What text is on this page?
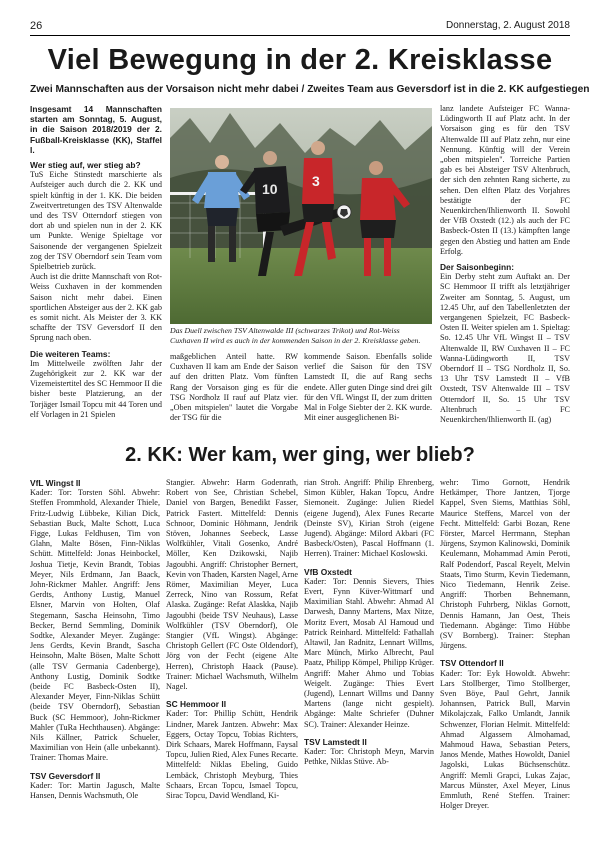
26	Donnerstag, 2. August 2018
Viel Bewegung in der 2. Kreisklasse
Zwei Mannschaften aus der Vorsaison nicht mehr dabei / Zweites Team aus Geversdorf ist in die 2. KK aufgestiegen

Insgesamt 14 Mannschaften starten am Sonntag, 5. August, in die Saison 2018/2019 der 2. Fußball-Kreisklasse (KK), Staffel I.

Wer stieg auf, wer stieg ab?

TuS Eiche Stinstedt marschierte als Aufsteiger auch durch die 2. KK und spielt künftig in der 1. KK. Die beiden Zweitvertretungen des TSV Altenwalde und des TSV Otterndorf stiegen von dort ab und spielen nun in der 2. KK um Punkte. Wenige Spieltage vor Saisonende der vergangenen Spielzeit zog der TSV Oberndorf sein Team vom Spielbetrieb zurück.

Auch ist die dritte Mannschaft von Rot-Weiss Cuxhaven in der kommenden Saison nicht mehr dabei. Einen sportlichen Absteiger aus der 2. KK gab es somit nicht. Als Meister der 3. KK schaffte der TSV Geversdorf II den Sprung nach oben.

Die weiteren Teams:

Im Mittelweile zwölften Jahr der Zugehörigkeit zur 2. KK war der Vizemeistertitel des SC Hemmoor II die bisher beste Platzierung, an der Torjäger Ismail Topcu mit 44 Toren und elf Vorlagen in 21 Spielen

10 3
Das Duell zwischen TSV Altenwalde III (schwarzes Trikot) und Rot-Weiss Cuxhaven II wird es auch in der kommenden Saison in der 2. Kreisklasse geben.

maßgeblichen Anteil hatte. RW Cuxhaven II kam am Ende der Saison auf den dritten Platz. Vom fünften Rang der Vorsaison ging es für die TSG Nordholz II rauf auf Platz vier. „Oben mitspielen" lautet die Vorgabe der TSG für die

kommende Saison. Ebenfalls solide verlief die Saison für den TSV Lamstedt II, die auf Rang sechs endete. Aller guten Dinge sind drei gilt für den VfL Wingst II, der zum dritten Mal in Folge Siebter der 2. KK wurde. Mit einer ausgeglichenen Bi-

lanz landete Aufsteiger FC Wanna-Lüdingworth II auf Platz acht. In der Vorsaison ging es für den TSV Altenwalde III auf Platz zehn, nur eine Nennung. Künftig will der Verein „oben mitspielen". Torreiche Partien gab es bei Absteiger TSV Altenbruch, der sich den zehnten Rang sicherte, zu sehen. Den elften Platz des Vorjahres bestätigte der FC Neuenkirchen/Ihlienworth II. Sowohl der VfB Oxstedt (12.) als auch der FC Basbeck-Osten II (13.) kämpften lange gegen den Abstieg und hatten am Ende Erfolg.

Der Saisonbeginn:

Ein Derby steht zum Auftakt an. Der SC Hemmoor II trifft als letztjähriger Zweiter am Sonntag, 5. August, um 12.45 Uhr, auf den Tabellenletzten der vergangenen Spielzeit, FC Basbeck-Osten II. Weiter spielen am 1. Spieltag: So. 12.45 Uhr VfL Wingst II – TSV Altenwalde II, RW Cuxhaven II – FC Wanna-Lüdingworth II, TSV Oberndorf II – TSG Nordholz II, So. 13 Uhr TSV Lamstedt II – VfB Oxstedt, TSV Altenwalde III – TSV Otterndorf II, So. 15 Uhr TSV Altenbruch – FC Neuenkirchen/Ihlienworth II. (ag)

2. KK: Wer kam, wer ging, wer blieb?

VfL Wingst II

Kader: Tor: Torsten Söhl. Abwehr: Steffen Frommhold, Alexander Thiele, Fritz-Ludwig Lübbeke, Kilian Dick, Sebastian Buck, Malte Schott, Luca Figge, Lukas Feldhusen, Tim von Glahn, Malte Bösen, Finn-Niklas Schütt. Mittelfeld: Jonas Heinbockel, Joshua Tietje, Kevin Brandt, Tobias Meyer, Nils Erdmann, Jan Baack, John-Rickmer Mahler. Angriff: Jens Gerdts, Anthony Lustig, Manuel Elsner, Marvin von Holten, Olaf Stegemann, Sascha Heinsohn, Timo Becker, Bernd Semmling, Dominik Sodtke, Alexander Meyer. Zugänge: Jens Gerdts, Kevin Brandt, Sascha Heinsohn, Malte Bösen, Malte Schott (alle TSV Germania Cadenberge), Anthony Lustig, Dominik Sodtke (beide FC Basbeck-Osten II), Alexander Meyer, Finn-Niklas Schütt (beide TSV Oberndorf), Sebastian Buck (SC Hemmoor), John-Rickmer Mahler (TuRa Hechthausen). Abgänge: Nils Källner, Patrick Schueler, Maximilian von Hein (alle unbekannt). Trainer: Thomas Maire.

TSV Geversdorf II

Kader: Tor: Martin Jagusch, Malte Hansen, Dennis Wachsmuth, Ole

Stangier. Abwehr: Harm Godenrath, Robert von See, Christian Schebel, Daniel von Bargen, Benedikt Fasser, Patrick Fastert. Mittelfeld: Dennis Schnoor, Dominic Höhmann, Jendrik Stöven, Johannes Seebeck, Lasse Wolfkühler, Vitali Gosenko, André Möller, Ken Dzikowski, Najib Jagoubhi. Angriff: Christopher Bernert, Kevin von Thaden, Karsten Nagel, Arne Römer, Maximilian Meyer, Luca Zerreck, Nino van Rossum, Refat Alaska. Zugänge: Refat Alaskka, Najib Jagoubhi (beide TSV Neuhaus), Lasse Wolfkühler (TSV Oberndorf), Ole Stangier (VfL Wingst). Abgänge: Christoph Gellert (FC Oste Oldendorf), Jörg von der Fecht (eigene Alte Herren), Christoph Haack (Pause). Trainer: Michael Wachsmuth, Wilhelm Nagel.

SC Hemmoor II

Kader: Tor: Phillip Schütt, Hendrik Lindner, Marek Jantzen. Abwehr: Max Eggers, Octay Topcu, Tobias Richters, Dirk Schaars, Marek Hoffmann, Faysal Topcu, Julien Ried, Alex Funes Recarte. Mittelfeld: Niklas Ebeling, Guido Lembäck, Christoph Meyburg, Thies Schaars, Ercan Topcu, Ismael Topcu, Sirac Topcu, David Wendland, Ki-

rian Stroh. Angriff: Philip Ehrenberg, Simon Kübler, Hakan Topcu, Andre Siemoneit. Zugänge: Julien Riedel (eigene Jugend), Alex Funes Recarte (Deinste SV), Kirian Stroh (eigene Jugend). Abgänge: Milord Akbari (FC Basbeck/Osten), Pascal Hoffmann (1. Herren). Trainer: Michael Koslowski.

VfB Oxstedt

Kader: Tor: Dennis Sievers, Thies Evert, Fynn Küver-Wittmarf und Maximilian Stahl. Abwehr: Ahmad Al Darwesh, Danny Martens, Max Nitze, Moritz Evert, Mosab Al Hamoud und Patrick Reinhard. Mittelfeld: Fathallah Altawil, Jan Radnitz, Lennart Willms, Marc Münch, Mirko Albrecht, Paul Paatz, Philipp Kömpel, Philipp Krüger. Angriff: Maher Ahmo und Tobias Weigelt. Zugänge: Thies Evert (Jugend), Lennart Willms und Danny Martens (lange nicht gespielt). Abgänge: Malte Schriefer (Duhner SC). Trainer: Alexander Heinze.

TSV Lamstedt II

Kader: Tor: Christoph Meyn, Marvin Pethke, Niklas Stüve. Ab-

wehr: Timo Gornott, Hendrik Hetkämper, Thore Jantzen, Tjorge Kappel, Sven Siems, Matthias Söhl, Maurice Steffens, Marcel von der Fecht. Mittelfeld: Garbi Bozan, Rene Förster, Marcel Herrmann, Stephan Jürgens, Szymon Kalinowski, Dominik Keulemann, Mohammad Amin Peroti, Ralf Podendorf, Pascal Reyelt, Melvin Staats, Timo Sturm, Kevin Tiedemann, Nico Tiedemann, Henrik Zeise. Angriff: Thorben Behnemann, Christoph Fuhrberg, Niklas Gornott, Dennis Hamann, Jan Oest, Theis Tiedemann. Abgänge: Timo Hübbe (SV Bornberg). Trainer: Stephan Jürgens.

TSV Ottendorf II

Kader: Tor: Eyk Howoldt. Abwehr: Lars Stollberger, Timo Stollberger, Sven Böye, Paul Gehrt, Jannik Johannsen, Patrick Bull, Marvin Mikolajczak, Falko Umlandt, Jannik Schwenzer, Florian Helmit. Mittelfeld: Ahmad Algassem Almohamad, Mahmoud Hawa, Sebastian Peters, Janos Mende, Mathes Howoldt, Daniel Jagolski, Lukas Büchsenschütz. Angriff: Memli Grapci, Lukas Zajac, Marcus Münster, Axel Meyer, Linus Emmluth, René Steffen. Trainer: Holger Dreyer.
